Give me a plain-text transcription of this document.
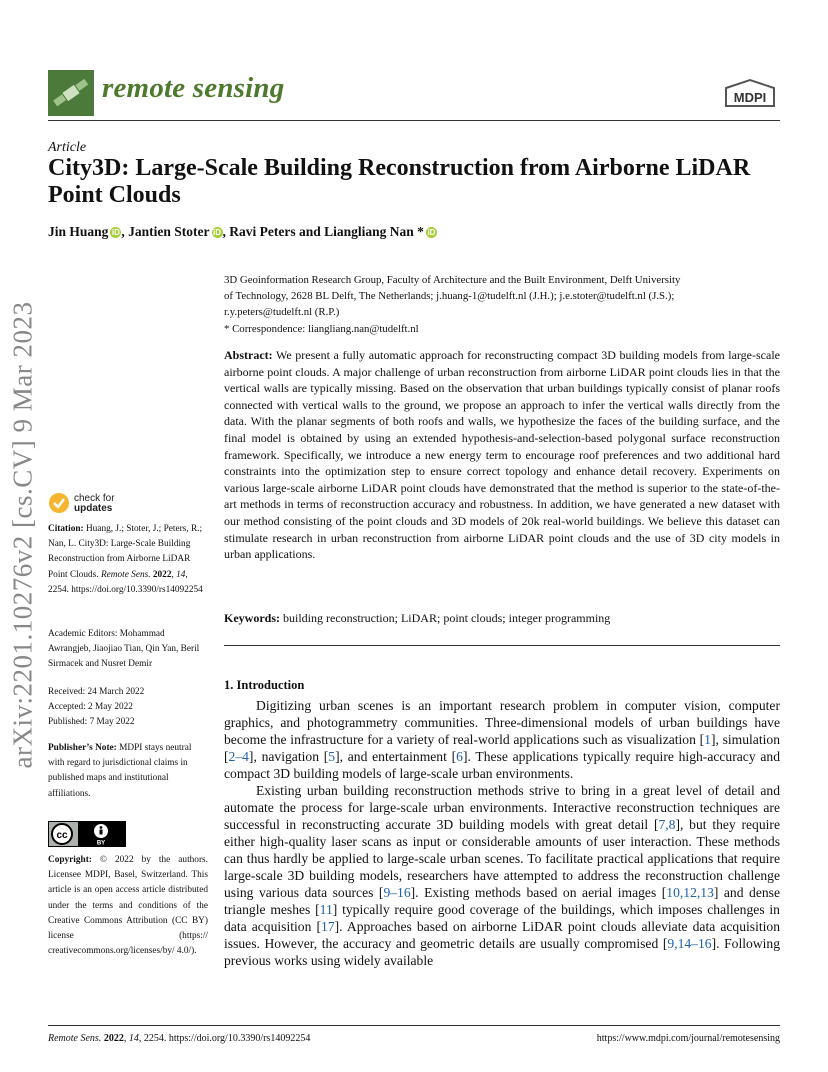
remote sensing	MDPI
Article
City3D: Large-Scale Building Reconstruction from Airborne LiDAR Point Clouds
Jin Huang iD , Jantien Stoter iD , Ravi Peters and Liangliang Nan * iD
arXiv:2201.10276v2 [cs.CV] 9 Mar 2023
3D Geoinformation Research Group, Faculty of Architecture and the Built Environment, Delft University
of Technology, 2628 BL Delft, The Netherlands; j.huang-1@tudelft.nl (J.H.); j.e.stoter@tudelft.nl (J.S.);
r.y.peters@tudelft.nl (R.P.)
* Correspondence: liangliang.nan@tudelft.nl
Abstract: We present a fully automatic approach for reconstructing compact 3D building models from large-scale airborne point clouds. A major challenge of urban reconstruction from airborne LiDAR point clouds lies in that the vertical walls are typically missing. Based on the observation that urban buildings typically consist of planar roofs connected with vertical walls to the ground, we propose an approach to infer the vertical walls directly from the data. With the planar segments of both roofs and walls, we hypothesize the faces of the building surface, and the final model is obtained by using an extended hypothesis-and-selection-based polygonal surface reconstruction framework. Specifically, we introduce a new energy term to encourage roof preferences and two additional hard constraints into the optimization step to ensure correct topology and enhance detail recovery. Experiments on various large-scale airborne LiDAR point clouds have demonstrated that the method is superior to the state-of-the-art methods in terms of reconstruction accuracy and robustness. In addition, we have generated a new dataset with our method consisting of the point clouds and 3D models of 20k real-world buildings. We believe this dataset can stimulate research in urban reconstruction from airborne LiDAR point clouds and the use of 3D city models in urban applications.
Keywords: building reconstruction; LiDAR; point clouds; integer programming
check for
updates
Citation: Huang, J.; Stoter, J.; Peters, R.; Nan, L. City3D: Large-Scale Building Reconstruction from Airborne LiDAR Point Clouds. Remote Sens. 2022, 14, 2254. https://doi.org/10.3390/rs14092254
Academic Editors: Mohammad Awrangjeb, Jiaojiao Tian, Qin Yan, Beril Sirmacek and Nusret Demir
Received: 24 March 2022
Accepted: 2 May 2022
Published: 7 May 2022
Publisher’s Note: MDPI stays neutral with regard to jurisdictional claims in published maps and institutional affiliations.
cc
BY
Copyright: © 2022 by the authors. Licensee MDPI, Basel, Switzerland. This article is an open access article distributed under the terms and conditions of the Creative Commons Attribution (CC BY) license (https:// creativecommons.org/licenses/by/ 4.0/).
1. Introduction

Digitizing urban scenes is an important research problem in computer vision, computer graphics, and photogrammetry communities. Three-dimensional models of urban buildings have become the infrastructure for a variety of real-world applications such as visualization [1], simulation [2–4], navigation [5], and entertainment [6]. These applications typically require high-accuracy and compact 3D building models of large-scale urban environments.

Existing urban building reconstruction methods strive to bring in a great level of detail and automate the process for large-scale urban environments. Interactive reconstruction techniques are successful in reconstructing accurate 3D building models with great detail [7,8], but they require either high-quality laser scans as input or considerable amounts of user interaction. These methods can thus hardly be applied to large-scale urban scenes. To facilitate practical applications that require large-scale 3D building models, researchers have attempted to address the reconstruction challenge using various data sources [9–16]. Existing methods based on aerial images [10,12,13] and dense triangle meshes [11] typically require good coverage of the buildings, which imposes challenges in data acquisition [17]. Approaches based on airborne LiDAR point clouds alleviate data acquisition issues. However, the accuracy and geometric details are usually compromised [9,14–16]. Following previous works using widely available

Remote Sens. 2022, 14, 2254. https://doi.org/10.3390/rs14092254	https://www.mdpi.com/journal/remotesensing
